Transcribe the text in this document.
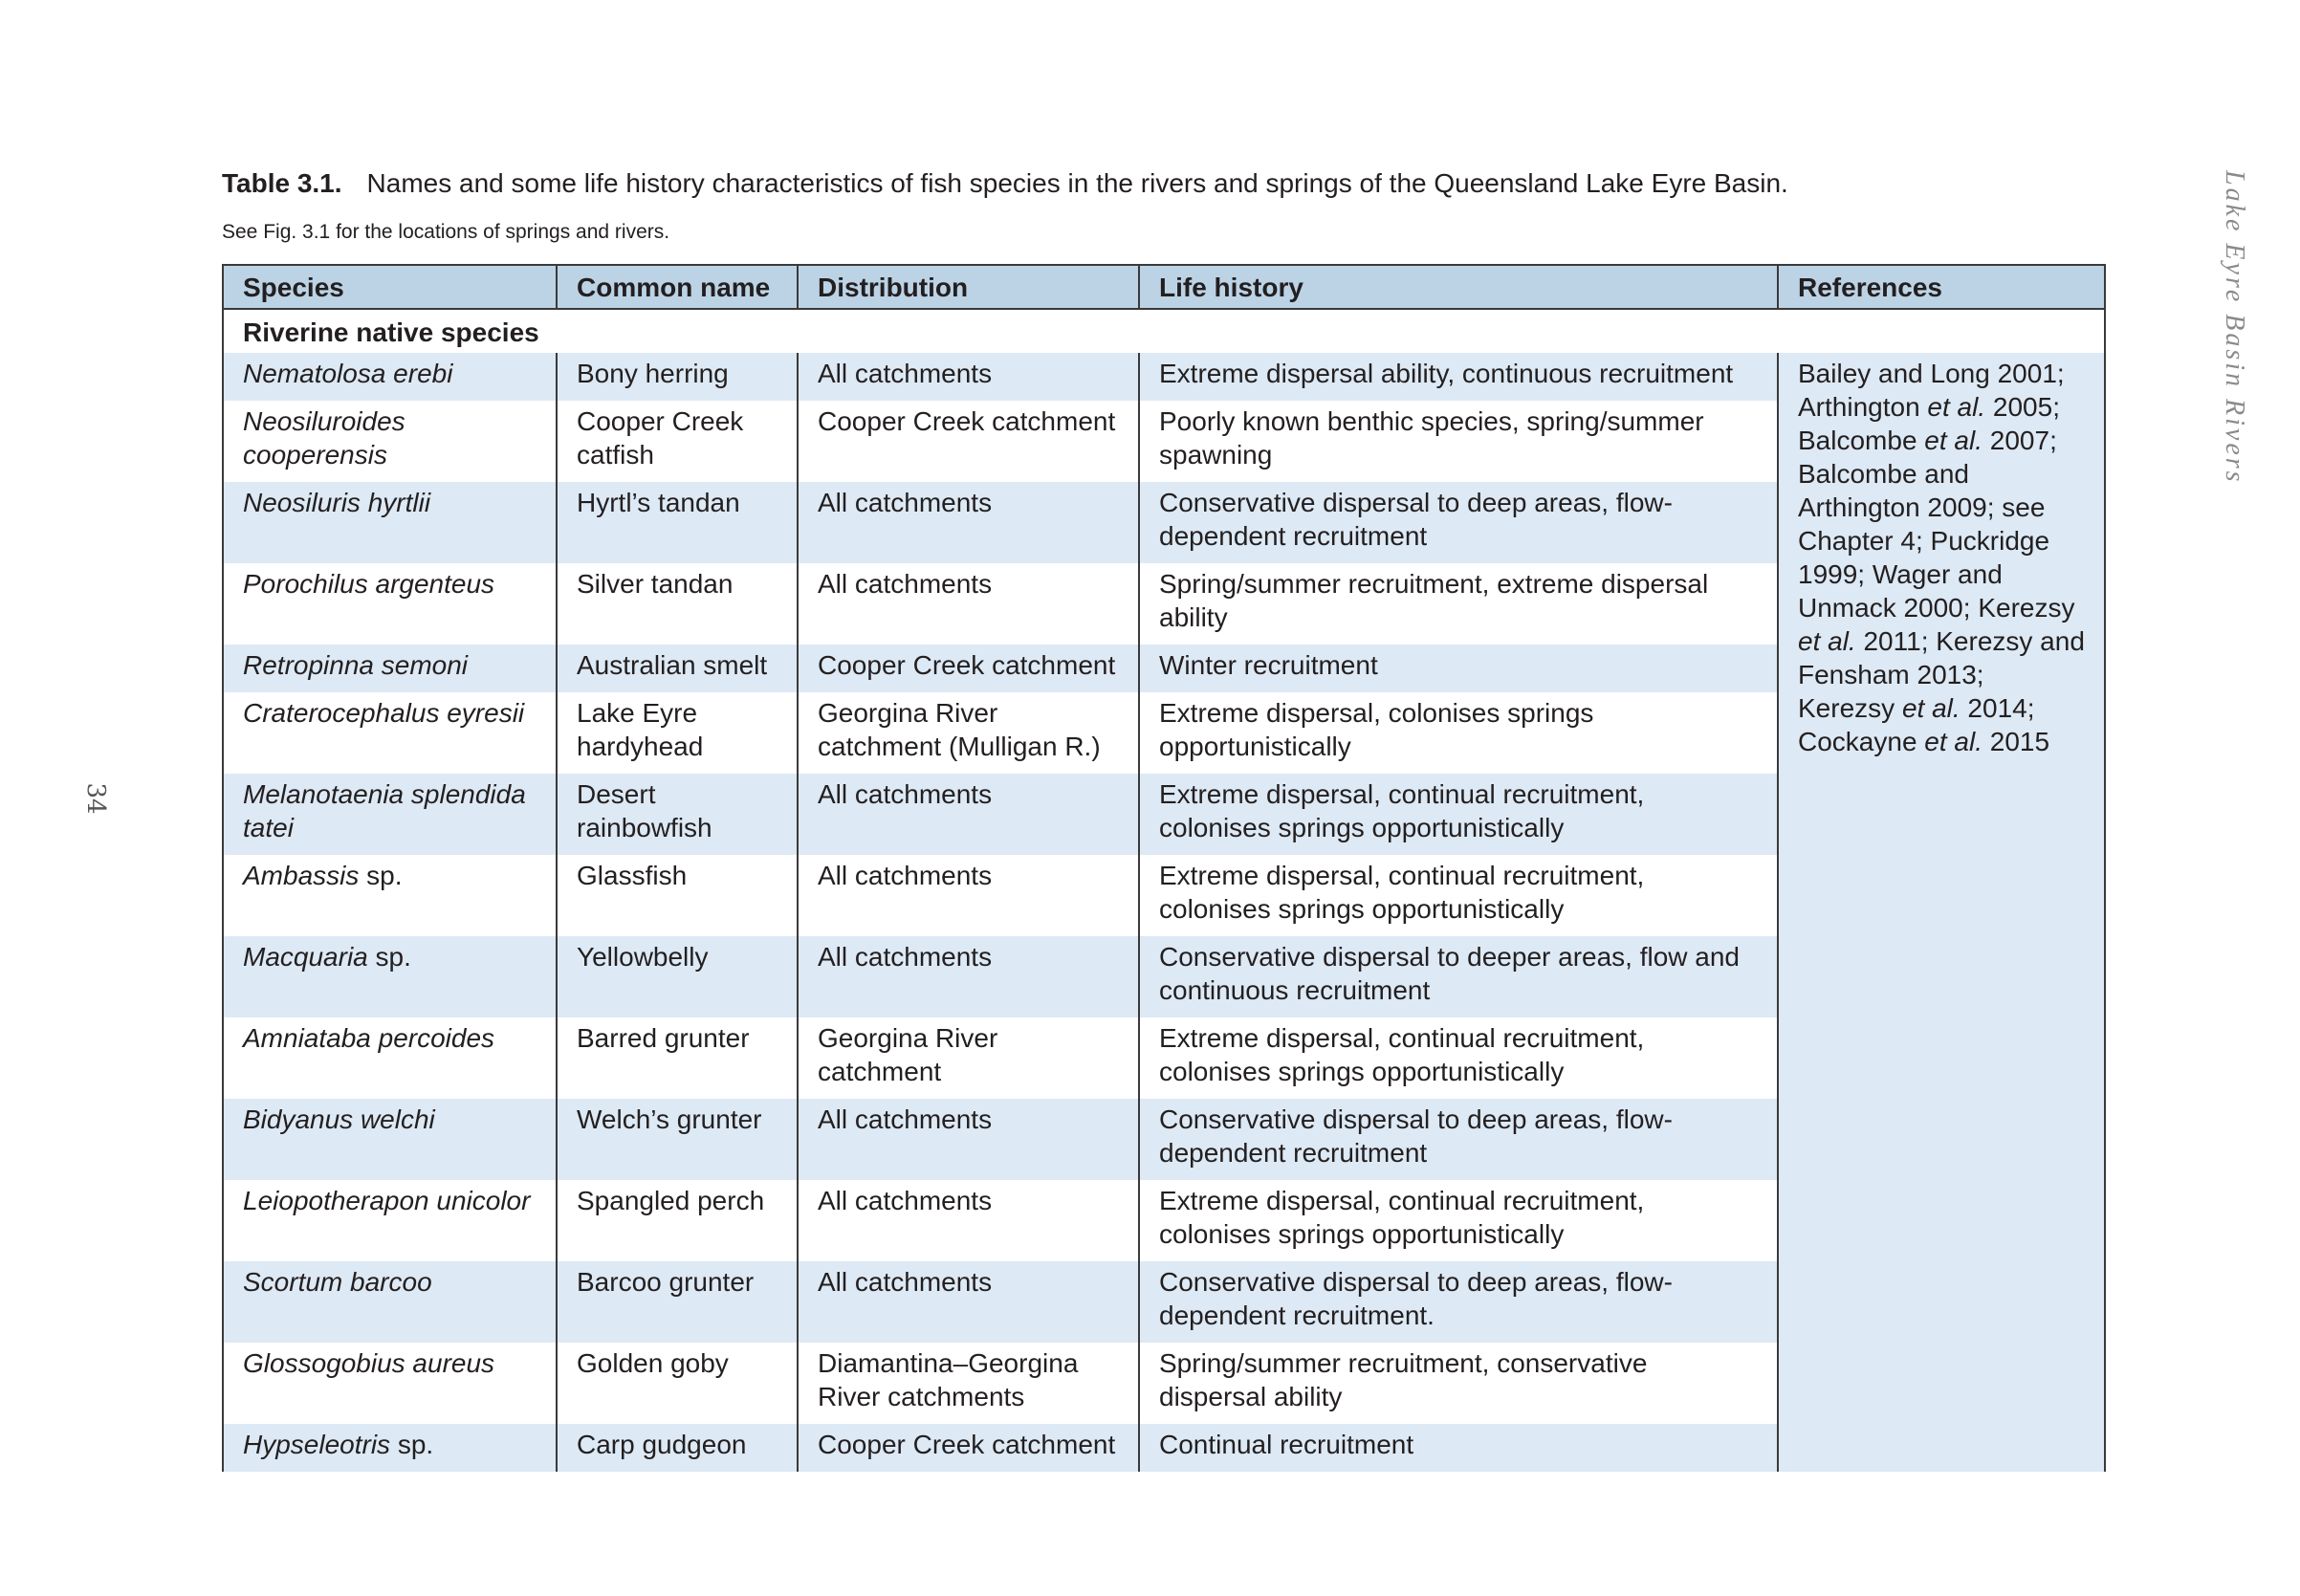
Table 3.1. Names and some life history characteristics of fish species in the rivers and springs of the Queensland Lake Eyre Basin.
See Fig. 3.1 for the locations of springs and rivers.
34
Lake Eyre Basin Rivers
Species	Common name	Distribution	Life history	References
Riverine native species				
Nematolosa erebi	Bony herring	All catchments	Extreme dispersal ability, continuous recruitment	Bailey and Long 2001; Arthington et al. 2005; Balcombe et al. 2007; Balcombe and Arthington 2009; see Chapter 4; Puckridge 1999; Wager and Unmack 2000; Kerezsy et al. 2011; Kerezsy and Fensham 2013; Kerezsy et al. 2014; Cockayne et al. 2015
Neosiluroides cooperensis	Cooper Creek catfish	Cooper Creek catchment	Poorly known benthic species, spring/summer spawning	
Neosiluris hyrtlii	Hyrtl’s tandan	All catchments	Conservative dispersal to deep areas, flow-dependent recruitment	
Porochilus argenteus	Silver tandan	All catchments	Spring/summer recruitment, extreme dispersal ability	
Retropinna semoni	Australian smelt	Cooper Creek catchment	Winter recruitment	
Craterocephalus eyresii	Lake Eyre hardyhead	Georgina River catchment (Mulligan R.)	Extreme dispersal, colonises springs opportunistically	
Melanotaenia splendida tatei	Desert rainbowfish	All catchments	Extreme dispersal, continual recruitment, colonises springs opportunistically	
Ambassis sp.	Glassfish	All catchments	Extreme dispersal, continual recruitment, colonises springs opportunistically	
Macquaria sp.	Yellowbelly	All catchments	Conservative dispersal to deeper areas, flow and continuous recruitment	
Amniataba percoides	Barred grunter	Georgina River catchment	Extreme dispersal, continual recruitment, colonises springs opportunistically	
Bidyanus welchi	Welch’s grunter	All catchments	Conservative dispersal to deep areas, flow-dependent recruitment	
Leiopotherapon unicolor	Spangled perch	All catchments	Extreme dispersal, continual recruitment, colonises springs opportunistically	
Scortum barcoo	Barcoo grunter	All catchments	Conservative dispersal to deep areas, flow-dependent recruitment.	
Glossogobius aureus	Golden goby	Diamantina–Georgina River catchments	Spring/summer recruitment, conservative dispersal ability	
Hypseleotris sp.	Carp gudgeon	Cooper Creek catchment	Continual recruitment	
